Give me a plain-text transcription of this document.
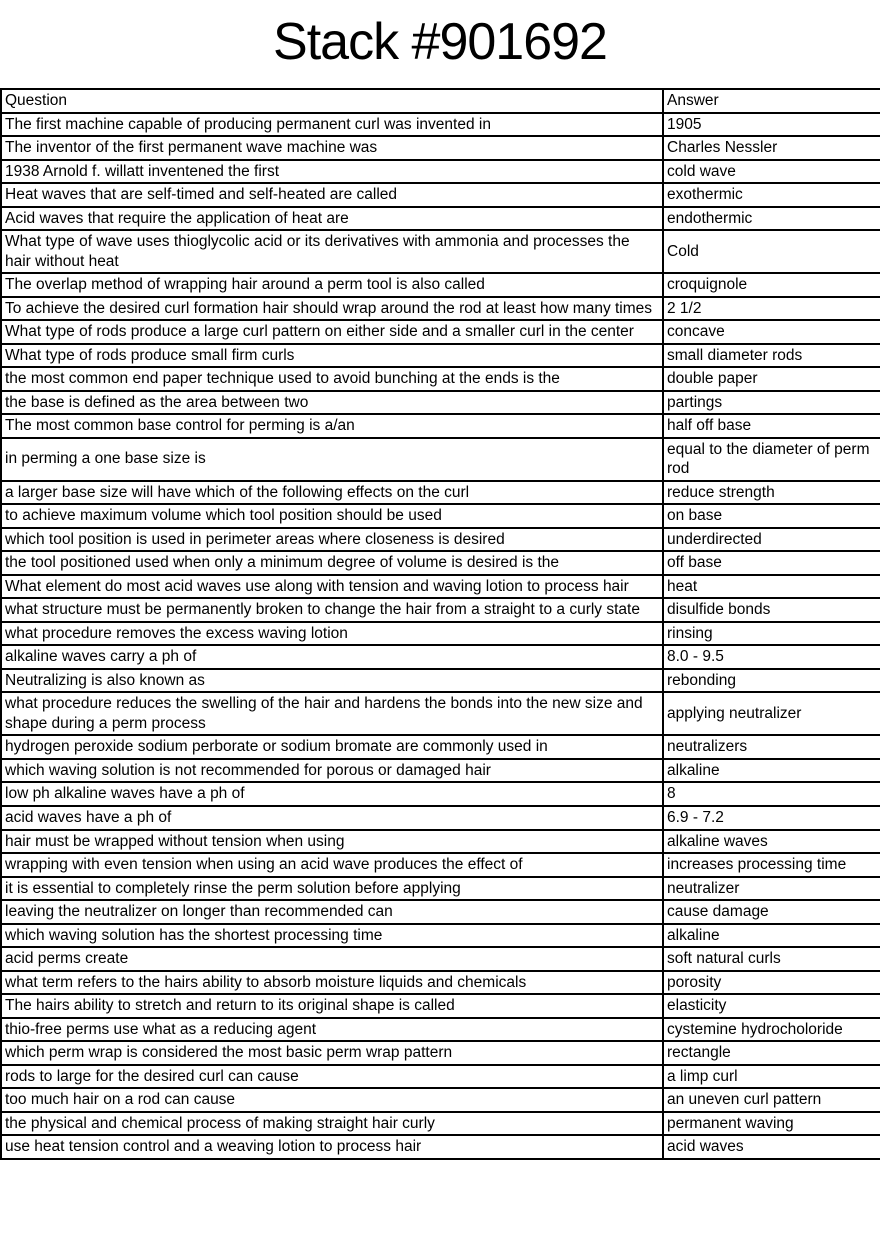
Stack #901692
Question	Answer
The first machine capable of producing permanent curl was invented in	1905
The inventor of the first permanent wave machine was	Charles Nessler
1938 Arnold f. willatt inventened the first	cold wave
Heat waves that are self-timed and self-heated are called	exothermic
Acid waves that require the application of heat are	endothermic
What type of wave uses thioglycolic acid or its derivatives with ammonia and processes the hair without heat	Cold
The overlap method of wrapping hair around a perm tool is also called	croquignole
To achieve the desired curl formation hair should wrap around the rod at least how many times	2 1/2
What type of rods produce a large curl pattern on either side and a smaller curl in the center	concave
What type of rods produce small firm curls	small diameter rods
the most common end paper technique used to avoid bunching at the ends is the	double paper
the base is defined as the area between two	partings
The most common base control for perming is a/an	half off base
in perming a one base size is	equal to the diameter of perm rod
a larger base size will have which of the following effects on the curl	reduce strength
to achieve maximum volume which tool position should be used	on base
which tool position is used in perimeter areas where closeness is desired	underdirected
the tool positioned used when only a minimum degree of volume is desired is the	off base
What element do most acid waves use along with tension and waving lotion to process hair	heat
what structure must be permanently broken to change the hair from a straight to a curly state	disulfide bonds
what procedure removes the excess waving lotion	rinsing
alkaline waves carry a ph of	8.0 - 9.5
Neutralizing is also known as	rebonding
what procedure reduces the swelling of the hair and hardens the bonds into the new size and shape during a perm process	applying neutralizer
hydrogen peroxide sodium perborate or sodium bromate are commonly used in	neutralizers
which waving solution is not recommended for porous or damaged hair	alkaline
low ph alkaline waves have a ph of	8
acid waves have a ph of	6.9 - 7.2
hair must be wrapped without tension when using	alkaline waves
wrapping with even tension when using an acid wave produces the effect of	increases processing time
it is essential to completely rinse the perm solution before applying	neutralizer
leaving the neutralizer on longer than recommended can	cause damage
which waving solution has the shortest processing time	alkaline
acid perms create	soft natural curls
what term refers to the hairs ability to absorb moisture liquids and chemicals	porosity
The hairs ability to stretch and return to its original shape is called	elasticity
thio-free perms use what as a reducing agent	cystemine hydrocholoride
which perm wrap is considered the most basic perm wrap pattern	rectangle
rods to large for the desired curl can cause	a limp curl
too much hair on a rod can cause	an uneven curl pattern
the physical and chemical process of making straight hair curly	permanent waving
use heat tension control and a weaving lotion to process hair	acid waves
